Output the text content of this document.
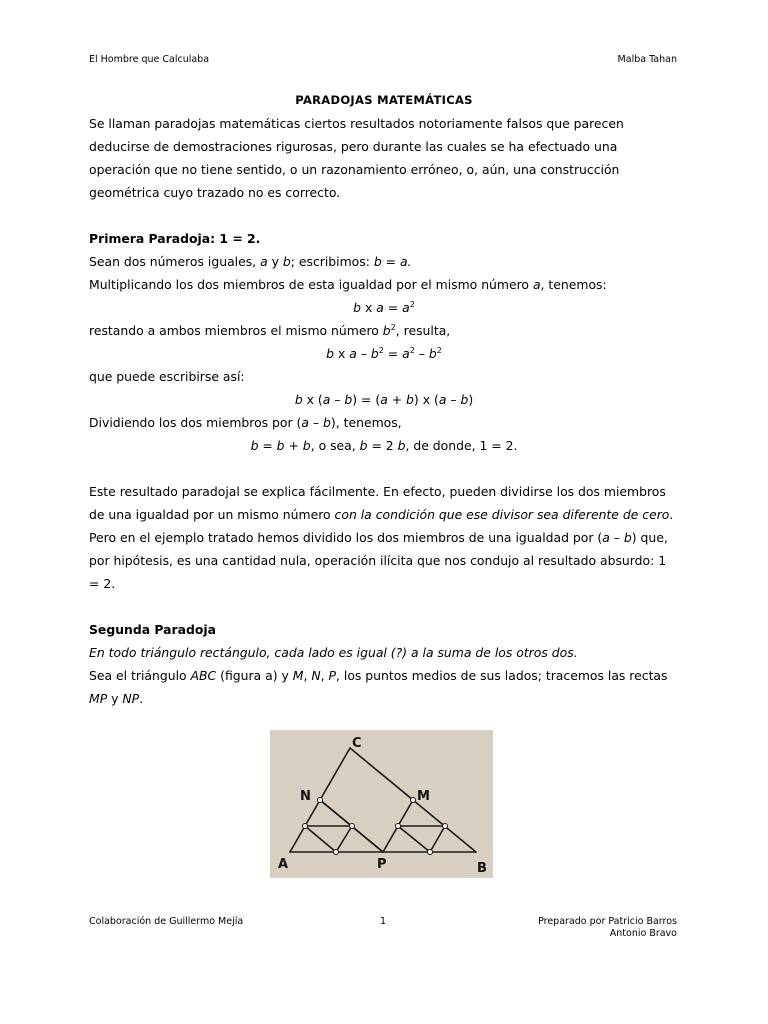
El Hombre que Calculaba	Malba Tahan
PARADOJAS MATEMÁTICAS
Se llaman paradojas matemáticas ciertos resultados notoriamente falsos que parecen deducirse de demostraciones rigurosas, pero durante las cuales se ha efectuado una operación que no tiene sentido, o un razonamiento erróneo, o, aún, una construcción geométrica cuyo trazado no es correcto.
Primera Paradoja: 1 = 2.
Sean dos números iguales, a y b; escribimos: b = a.
Multiplicando los dos miembros de esta igualdad por el mismo número a, tenemos:
b x $a = a^2$
restando a ambos miembros el mismo número $b^2$, resulta,
b x $a - b^2 = a^2 - b^2$
que puede escribirse así:
b x (a – b) = (a + b) x (a – b)
Dividiendo los dos miembros por (a – b), tenemos,
b = b + b, o sea, b = 2 b, de donde, 1 = 2.
Este resultado paradojal se explica fácilmente. En efecto, pueden dividirse los dos miembros de una igualdad por un mismo número con la condición que ese divisor sea diferente de cero. Pero en el ejemplo tratado hemos dividido los dos miembros de una igualdad por (a – b) que, por hipótesis, es una cantidad nula, operación ilícita que nos condujo al resultado absurdo: 1 = 2.
Segunda Paradoja
En todo triángulo rectángulo, cada lado es igual (?) a la suma de los otros dos.
Sea el triángulo ABC (figura a) y M, N, P, los puntos medios de sus lados; tracemos las rectas MP y NP.
A	B
C
M
N
P
Colaboración de Guillermo Mejía	1	Preparado por Patricio Barros
Antonio Bravo
